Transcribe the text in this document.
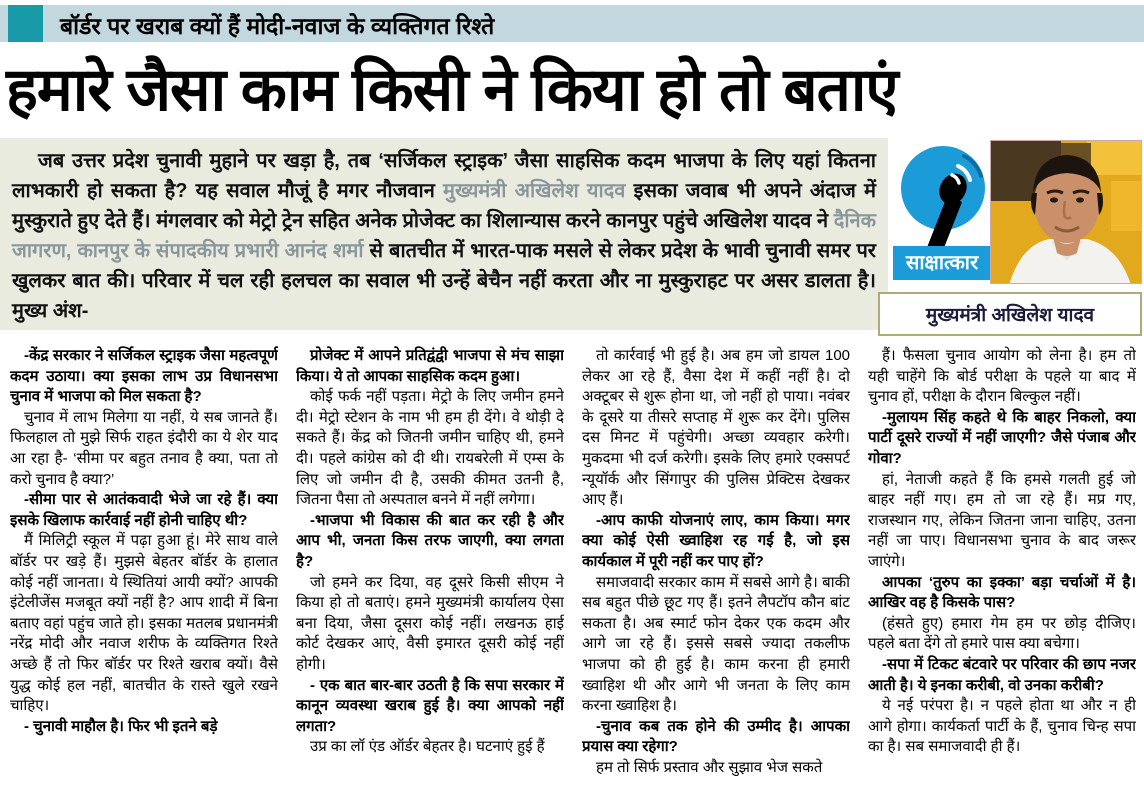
बॉर्डर पर खराब क्यों हैं मोदी-नवाज के व्यक्तिगत रिश्ते
हमारे जैसा काम किसी ने किया हो तो बताएं
जब उत्तर प्रदेश चुनावी मुहाने पर खड़ा है, तब ‘सर्जिकल स्ट्राइक’ जैसा साहसिक कदम भाजपा के लिए यहां कितना लाभकारी हो सकता है? यह सवाल मौजूं है मगर नौजवान मुख्यमंत्री अखिलेश यादव इसका जवाब भी अपने अंदाज में मुस्कुराते हुए देते हैं। मंगलवार को मेट्रो ट्रेन सहित अनेक प्रोजेक्ट का शिलान्यास करने कानपुर पहुंचे अखिलेश यादव ने दैनिक जागरण, कानपुर के संपादकीय प्रभारी आनंद शर्मा से बातचीत में भारत-पाक मसले से लेकर प्रदेश के भावी चुनावी समर पर खुलकर बात की। परिवार में चल रही हलचल का सवाल भी उन्हें बेचैन नहीं करता और ना मुस्कुराहट पर असर डालता है। मुख्य अंश-
साक्षात्कार
मुख्यमंत्री अखिलेश यादव

-केंद्र सरकार ने सर्जिकल स्ट्राइक जैसा महत्वपूर्ण कदम उठाया। क्या इसका लाभ उप्र विधानसभा चुनाव में भाजपा को मिल सकता है?

चुनाव में लाभ मिलेगा या नहीं, ये सब जानते हैं। फिलहाल तो मुझे सिर्फ राहत इंदौरी का ये शेर याद आ रहा है- ‘सीमा पर बहुत तनाव है क्या, पता तो करो चुनाव है क्या?’

-सीमा पार से आतंकवादी भेजे जा रहे हैं। क्या इसके खिलाफ कार्रवाई नहीं होनी चाहिए थी?

मैं मिलिट्री स्कूल में पढ़ा हुआ हूं। मेरे साथ वाले बॉर्डर पर खड़े हैं। मुझसे बेहतर बॉर्डर के हालात कोई नहीं जानता। ये स्थितियां आयी क्यों? आपकी इंटेलीजेंस मजबूत क्यों नहीं है? आप शादी में बिना बताए वहां पहुंच जाते हो। इसका मतलब प्रधानमंत्री नरेंद्र मोदी और नवाज शरीफ के व्यक्तिगत रिश्ते अच्छे हैं तो फिर बॉर्डर पर रिश्ते खराब क्यों। वैसे युद्ध कोई हल नहीं, बातचीत के रास्ते खुले रखने चाहिए।

- चुनावी माहौल है। फिर भी इतने बड़े

प्रोजेक्ट में आपने प्रतिद्वंद्वी भाजपा से मंच साझा किया। ये तो आपका साहसिक कदम हुआ।

कोई फर्क नहीं पड़ता। मेट्रो के लिए जमीन हमने दी। मेट्रो स्टेशन के नाम भी हम ही देंगे। वे थोड़ी दे सकते हैं। केंद्र को जितनी जमीन चाहिए थी, हमने दी। पहले कांग्रेस को दी थी। रायबरेली में एम्स के लिए जो जमीन दी है, उसकी कीमत उतनी है, जितना पैसा तो अस्पताल बनने में नहीं लगेगा।

-भाजपा भी विकास की बात कर रही है और आप भी, जनता किस तरफ जाएगी, क्या लगता है?

जो हमने कर दिया, वह दूसरे किसी सीएम ने किया हो तो बताएं। हमने मुख्यमंत्री कार्यालय ऐसा बना दिया, जैसा दूसरा कोई नहीं। लखनऊ हाई कोर्ट देखकर आएं, वैसी इमारत दूसरी कोई नहीं होगी।

- एक बात बार-बार उठती है कि सपा सरकार में कानून व्यवस्था खराब हुई है। क्या आपको नहीं लगता?

उप्र का लॉ एंड ऑर्डर बेहतर है। घटनाएं हुई हैं

तो कार्रवाई भी हुई है। अब हम जो डायल 100 लेकर आ रहे हैं, वैसा देश में कहीं नहीं है। दो अक्टूबर से शुरू होना था, जो नहीं हो पाया। नवंबर के दूसरे या तीसरे सप्ताह में शुरू कर देंगे। पुलिस दस मिनट में पहुंचेगी। अच्छा व्यवहार करेगी। मुकदमा भी दर्ज करेगी। इसके लिए हमारे एक्सपर्ट न्यूयॉर्क और सिंगापुर की पुलिस प्रेक्टिस देखकर आए हैं।

-आप काफी योजनाएं लाए, काम किया। मगर क्या कोई ऐसी ख्वाहिश रह गई है, जो इस कार्यकाल में पूरी नहीं कर पाए हों?

समाजवादी सरकार काम में सबसे आगे है। बाकी सब बहुत पीछे छूट गए हैं। इतने लैपटॉप कौन बांट सकता है। अब स्मार्ट फोन देकर एक कदम और आगे जा रहे हैं। इससे सबसे ज्यादा तकलीफ भाजपा को ही हुई है। काम करना ही हमारी ख्वाहिश थी और आगे भी जनता के लिए काम करना ख्वाहिश है।

-चुनाव कब तक होने की उम्मीद है। आपका प्रयास क्या रहेगा?

हम तो सिर्फ प्रस्ताव और सुझाव भेज सकते

हैं। फैसला चुनाव आयोग को लेना है। हम तो यही चाहेंगे कि बोर्ड परीक्षा के पहले या बाद में चुनाव हों, परीक्षा के दौरान बिल्कुल नहीं।

-मुलायम सिंह कहते थे कि बाहर निकलो, क्या पार्टी दूसरे राज्यों में नहीं जाएगी? जैसे पंजाब और गोवा?

हां, नेताजी कहते हैं कि हमसे गलती हुई जो बाहर नहीं गए। हम तो जा रहे हैं। मप्र गए, राजस्थान गए, लेकिन जितना जाना चाहिए, उतना नहीं जा पाए। विधानसभा चुनाव के बाद जरूर जाएंगे।

आपका ‘तुरुप का इक्का’ बड़ा चर्चाओं में है। आखिर वह है किसके पास?

(हंसते हुए) हमारा गेम हम पर छोड़ दीजिए। पहले बता देंगे तो हमारे पास क्या बचेगा।

-सपा में टिकट बंटवारे पर परिवार की छाप नजर आती है। ये इनका करीबी, वो उनका करीबी?

ये नई परंपरा है। न पहले होता था और न ही आगे होगा। कार्यकर्ता पार्टी के हैं, चुनाव चिन्ह सपा का है। सब समाजवादी ही हैं।
